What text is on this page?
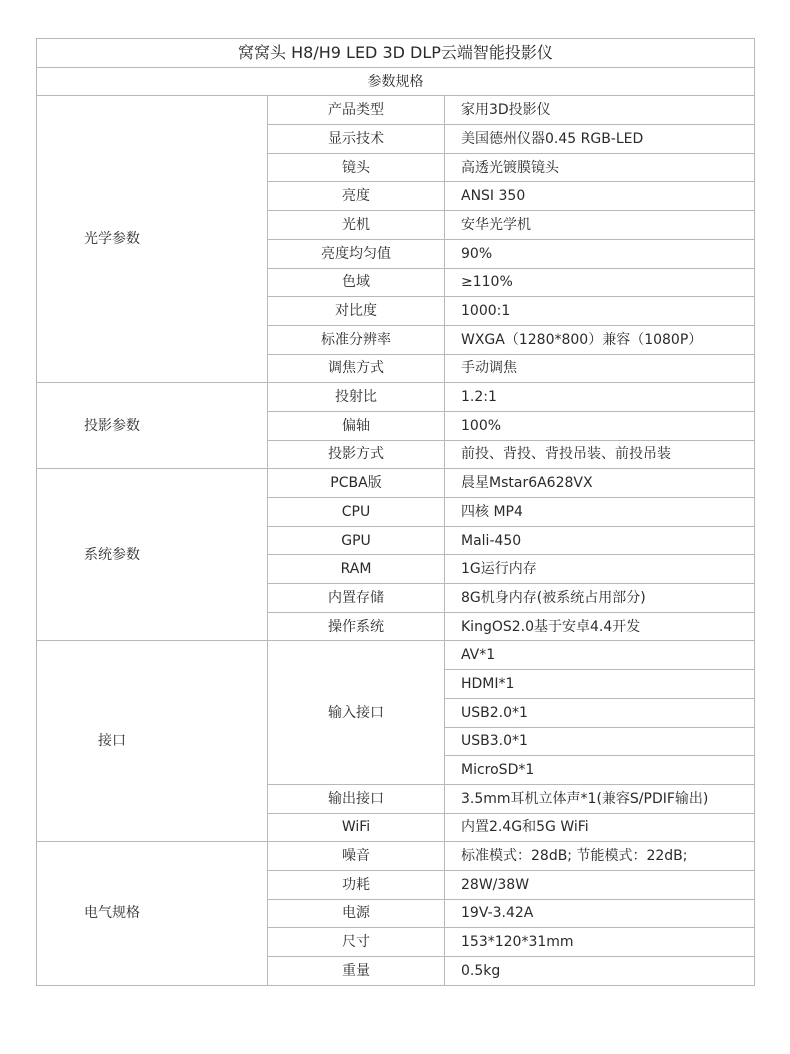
窝窝头 H8/H9 LED 3D DLP云端智能投影仪		
参数规格		
光学参数	产品类型	家用3D投影仪
	显示技术	美国德州仪器0.45 RGB-LED
	镜头	高透光镀膜镜头
	亮度	ANSI 350
	光机	安华光学机
	亮度均匀值	90%
	色域	≥110%
	对比度	1000:1
	标准分辨率	WXGA（1280*800）兼容（1080P）
	调焦方式	手动调焦
投影参数	投射比	1.2:1
	偏轴	100%
	投影方式	前投、背投、背投吊装、前投吊装
系统参数	PCBA版	晨星Mstar6A628VX
	CPU	四核 MP4
	GPU	Mali-450
	RAM	1G运行内存
	内置存储	8G机身内存(被系统占用部分)
	操作系统	KingOS2.0基于安卓4.4开发
接口	输入接口	AV*1
		HDMI*1
		USB2.0*1
		USB3.0*1
		MicroSD*1
	输出接口	3.5mm耳机立体声*1(兼容S/PDIF输出)
	WiFi	内置2.4G和5G WiFi
电气规格	噪音	标准模式：28dB; 节能模式：22dB;
	功耗	28W/38W
	电源	19V-3.42A
	尺寸	153*120*31mm
	重量	0.5kg
